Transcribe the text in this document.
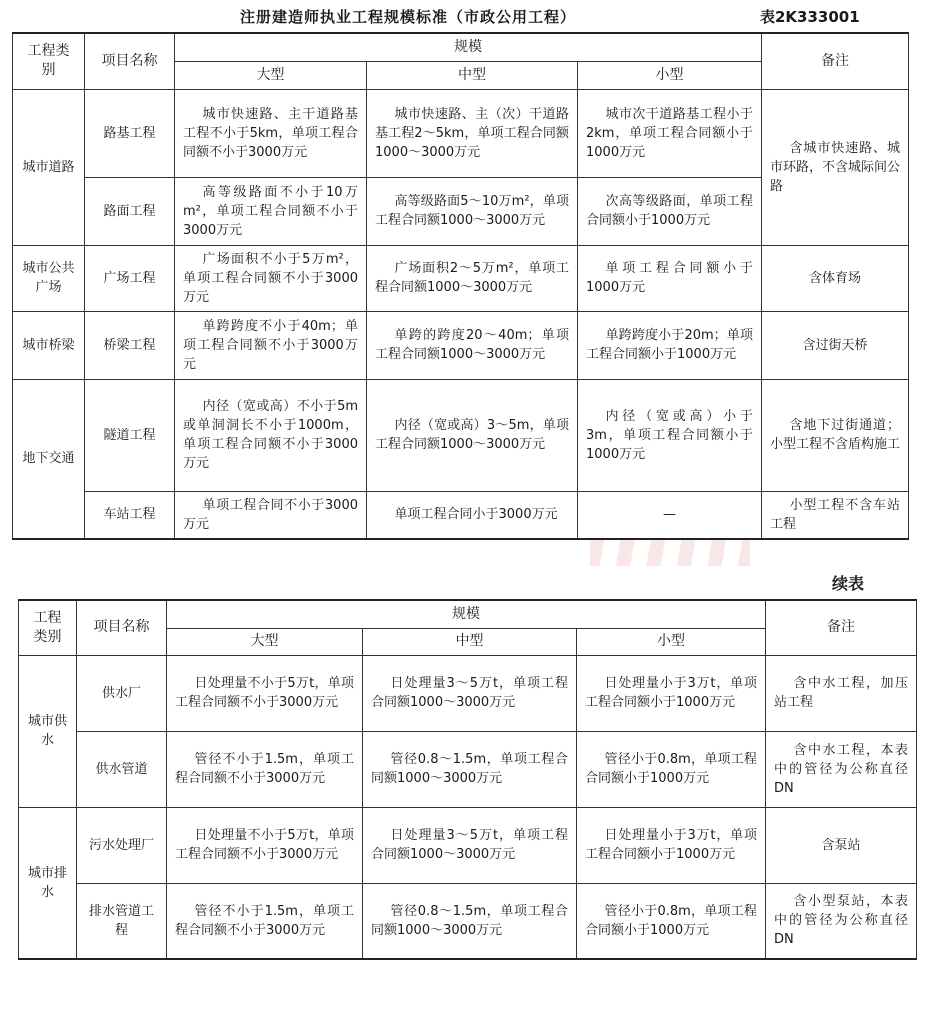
注册建造师执业工程规模标准（市政公用工程）	表2K333001
工程类别	项目名称	规模			备注
		大型	中型	小型	
城市道路	路基工程	城市快速路、主干道路基工程不小于5km，单项工程合同额不小于3000万元	城市快速路、主（次）干道路基工程2～5km，单项工程合同额1000～3000万元	城市次干道路基工程小于2km，单项工程合同额小于1000万元	含城市快速路、城市环路，不含城际间公路
	路面工程	高等级路面不小于10万m²，单项工程合同额不小于3000万元	高等级路面5～10万m²，单项工程合同额1000～3000万元	次高等级路面，单项工程合同额小于1000万元	
城市公共广场	广场工程	广场面积不小于5万m²，单项工程合同额不小于3000万元	广场面积2～5万m²，单项工程合同额1000～3000万元	单项工程合同额小于1000万元	含体育场
城市桥梁	桥梁工程	单跨跨度不小于40m；单项工程合同额不小于3000万元	单跨的跨度20～40m；单项工程合同额1000～3000万元	单跨跨度小于20m；单项工程合同额小于1000万元	含过街天桥
地下交通	隧道工程	内径（宽或高）不小于5m或单洞洞长不小于1000m，单项工程合同额不小于3000万元	内径（宽或高）3～5m，单项工程合同额1000～3000万元	内径（宽或高）小于3m，单项工程合同额小于1000万元	含地下过街通道；小型工程不含盾构施工
	车站工程	单项工程合同不小于3000万元	单项工程合同小于3000万元	—	小型工程不含车站工程
续表
工程类别	项目名称	规模			备注
		大型	中型	小型	
城市供水	供水厂	日处理量不小于5万t，单项工程合同额不小于3000万元	日处理量3～5万t，单项工程合同额1000～3000万元	日处理量小于3万t，单项工程合同额小于1000万元	含中水工程，加压站工程
	供水管道	管径不小于1.5m，单项工程合同额不小于3000万元	管径0.8～1.5m，单项工程合同额1000～3000万元	管径小于0.8m，单项工程合同额小于1000万元	含中水工程，本表中的管径为公称直径DN
城市排水	污水处理厂	日处理量不小于5万t，单项工程合同额不小于3000万元	日处理量3～5万t，单项工程合同额1000～3000万元	日处理量小于3万t，单项工程合同额小于1000万元	含泵站
	排水管道工程	管径不小于1.5m，单项工程合同额不小于3000万元	管径0.8～1.5m，单项工程合同额1000～3000万元	管径小于0.8m，单项工程合同额小于1000万元	含小型泵站，本表中的管径为公称直径DN
